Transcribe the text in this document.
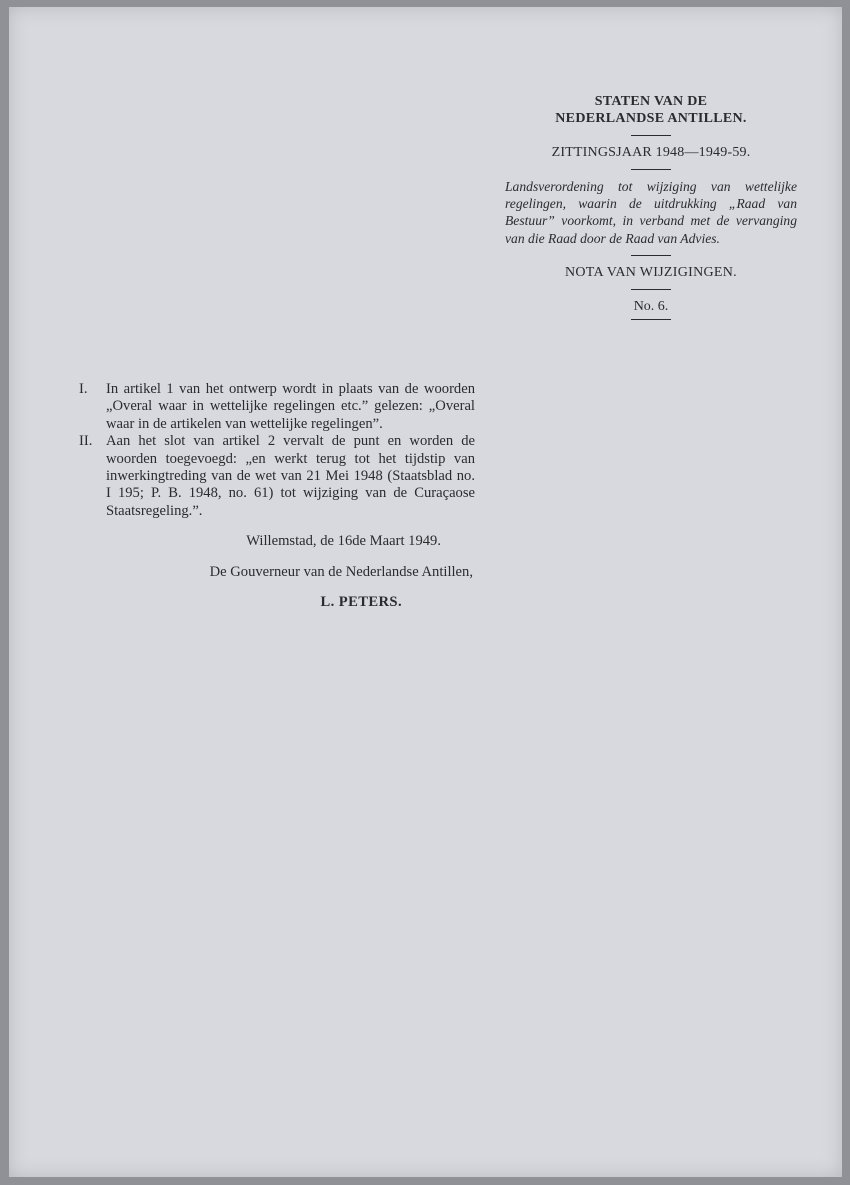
STATEN VAN DE

NEDERLANDSE ANTILLEN.

ZITTINGSJAAR 1948—1949-59.

Landsverordening tot wijziging van wettelijke regelingen, waarin de uitdrukking „Raad van Bestuur” voorkomt, in verband met de vervanging van die Raad door de Raad van Advies.

NOTA VAN WIJZIGINGEN.

No. 6.

I.	In artikel 1 van het ontwerp wordt in plaats van de woorden „Overal waar in wettelijke regelingen etc.” gelezen: „Overal waar in de artikelen van wettelijke regelingen”.
II. Aan het slot van artikel 2 vervalt de punt en worden de woorden toegevoegd: „en werkt terug tot het tijdstip van inwerkingtreding van de wet van 21 Mei 1948 (Staatsblad no. I 195; P. B. 1948, no. 61) tot wijziging van de Curaçaose Staatsregeling.”.
Willemstad, de 16de Maart 1949.
De Gouverneur van de Nederlandse Antillen,
L. PETERS.
